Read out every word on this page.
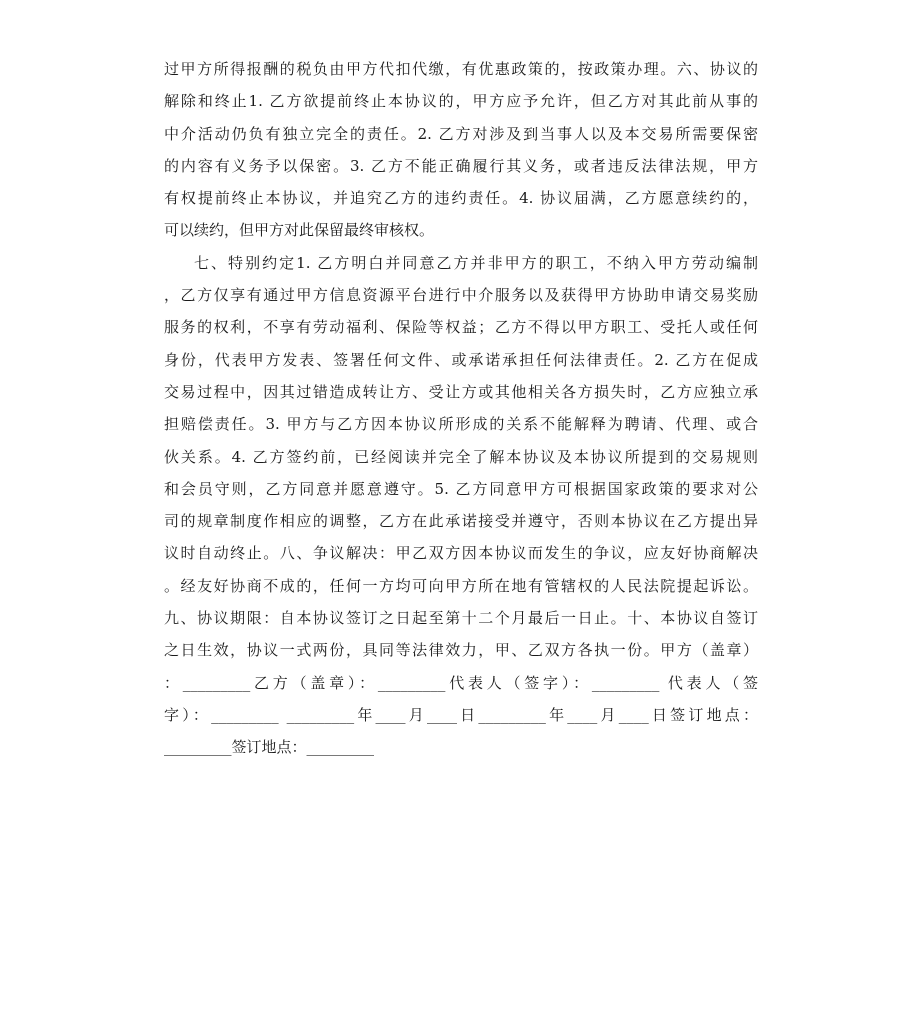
过甲方所得报酬的税负由甲方代扣代缴，有优惠政策的，按政策办理。六、协议的
解除和终止1. 乙方欲提前终止本协议的，甲方应予允许，但乙方对其此前从事的
中介活动仍负有独立完全的责任。2. 乙方对涉及到当事人以及本交易所需要保密
的内容有义务予以保密。3. 乙方不能正确履行其义务，或者违反法律法规，甲方
有权提前终止本协议，并追究乙方的违约责任。4. 协议届满，乙方愿意续约的，
可以续约，但甲方对此保留最终审核权。
七、特别约定1. 乙方明白并同意乙方并非甲方的职工，不纳入甲方劳动编制
，乙方仅享有通过甲方信息资源平台进行中介服务以及获得甲方协助申请交易奖励
服务的权利，不享有劳动福利、保险等权益；乙方不得以甲方职工、受托人或任何
身份，代表甲方发表、签署任何文件、或承诺承担任何法律责任。2. 乙方在促成
交易过程中，因其过错造成转让方、受让方或其他相关各方损失时，乙方应独立承
担赔偿责任。3. 甲方与乙方因本协议所形成的关系不能解释为聘请、代理、或合
伙关系。4. 乙方签约前，已经阅读并完全了解本协议及本协议所提到的交易规则
和会员守则，乙方同意并愿意遵守。5. 乙方同意甲方可根据国家政策的要求对公
司的规章制度作相应的调整，乙方在此承诺接受并遵守，否则本协议在乙方提出异
议时自动终止。八、争议解决：甲乙双方因本协议而发生的争议，应友好协商解决
。经友好协商不成的，任何一方均可向甲方所在地有管辖权的人民法院提起诉讼。
九、协议期限：自本协议签订之日起至第十二个月最后一日止。十、本协议自签订
之日生效，协议一式两份，具同等法律效力，甲、乙双方各执一份。甲方（盖章）
：_________乙方（盖章）：_________代表人（签字）：_________ 代表人（签
字）：_________ _________年____月____日_________年____月____日签订地点：
_________签订地点：_________
